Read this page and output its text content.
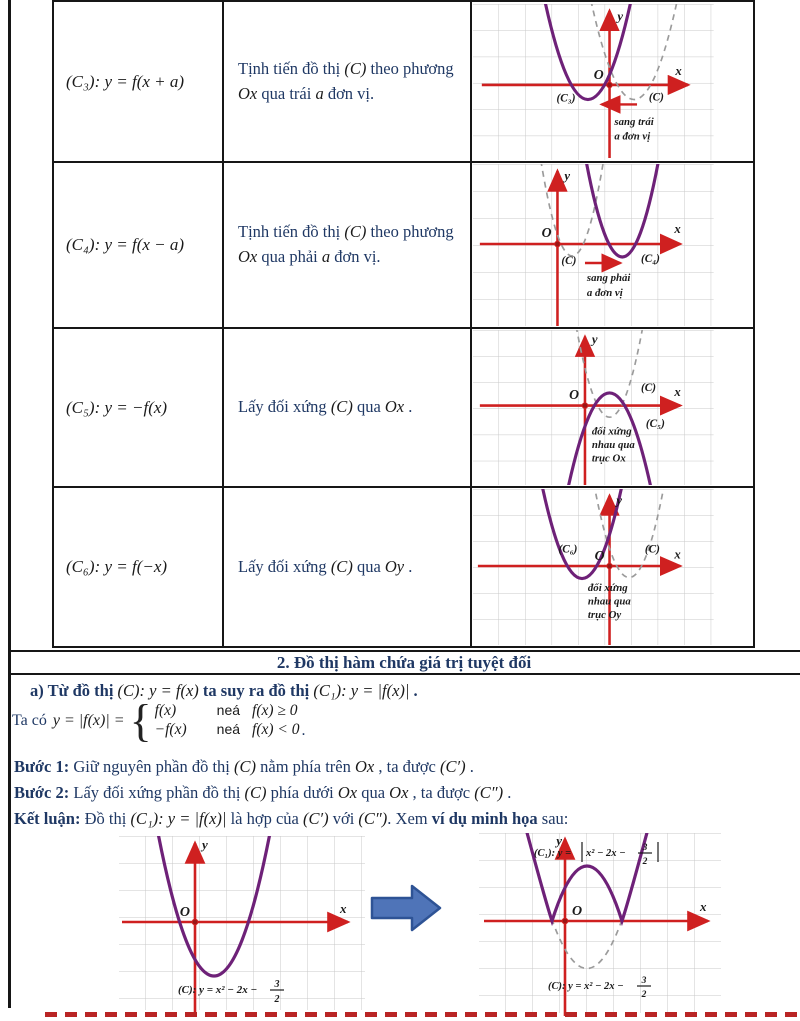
(C₃): y = f(x + a)	Tịnh tiến đồ thị (C) theo phương Ox qua trái a đơn vị.	
y
x
O
(C₃)	(C)
sang trái
a đơn vị

(C₄): y = f(x − a)	Tịnh tiến đồ thị (C) theo phương Ox qua phải a đơn vị.	
y
x
O
(C)	(C₄)
sang phải
a đơn vị

(C₅): y = −f(x)	Lấy đối xứng (C) qua Ox .	
y
x
O	(C)
(C₅)
đối xứng
nhau qua
trục Ox

(C₆): y = f(−x)	Lấy đối xứng (C) qua Oy .	
y
x
O
(C₆)	(C)
đối xứng
nhau qua
trục Oy
2. Đồ thị hàm chứa giá trị tuyệt đối
a) Từ đồ thị (C): y = f(x) ta suy ra đồ thị (C₁): y = |f(x)| .
Ta có y = |f(x)| = { f(x)	neá f(x) ≥ 0
−f(x)	neá f(x) < 0 .
Bước 1: Giữ nguyên phần đồ thị (C) nằm phía trên Ox , ta được (C′) .
Bước 2: Lấy đối xứng phần đồ thị (C) phía dưới Ox qua Ox , ta được (C″) .
Kết luận: Đồ thị (C₁): y = |f(x)| là hợp của (C′) với (C″). Xem ví dụ minh họa sau:
y
x
O
(C): y = x² − 2x − 3
2
y
x
O
(C₁): y = x² − 2x − 3
2
(C): y = x² − 2x − 3
2
